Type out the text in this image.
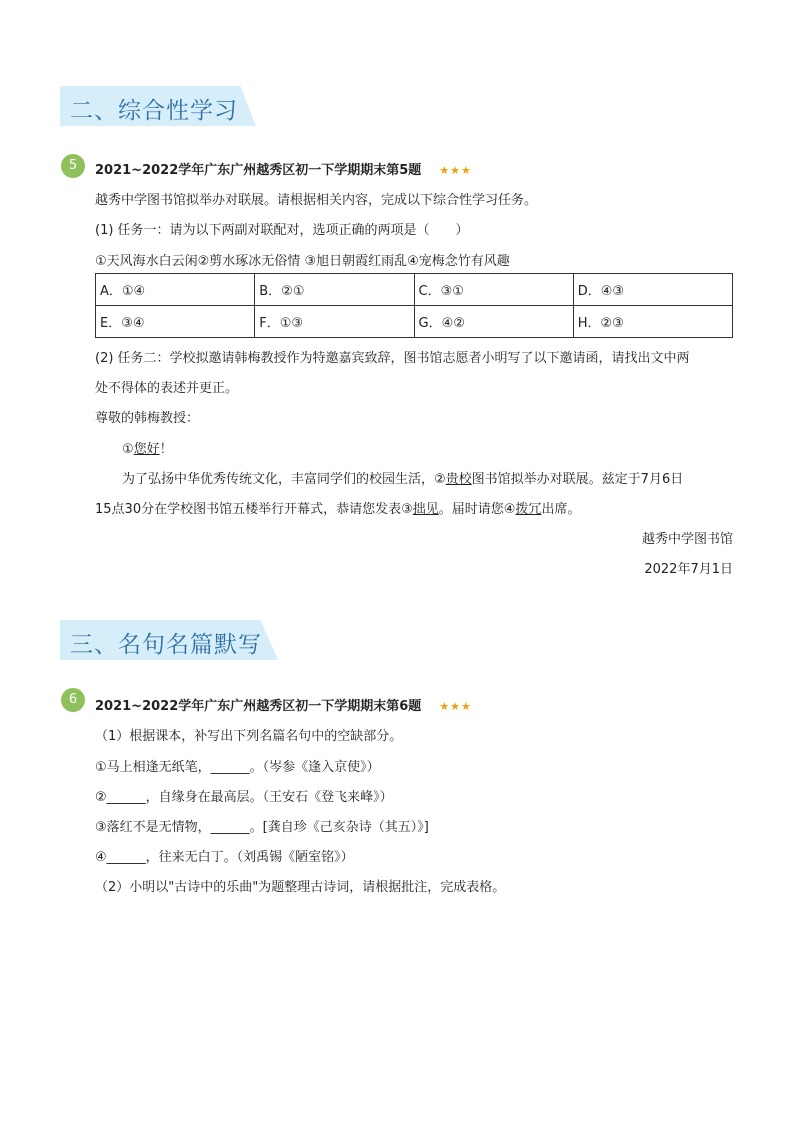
二、综合性学习
5	2021~2022学年广东广州越秀区初一下学期期末第5题 ★★★
越秀中学图书馆拟举办对联展。请根据相关内容，完成以下综合性学习任务。
(1) 任务一：请为以下两副对联配对，选项正确的两项是（　　）
①天风海水白云闲②剪水琢冰无俗情 ③旭日朝霞红雨乱④宠梅念竹有风趣
A．①④	B．②①	C．③①	D．④③
E．③④	F．①③	G．④②	H．②③
(2) 任务二：学校拟邀请韩梅教授作为特邀嘉宾致辞，图书馆志愿者小明写了以下邀请函，请找出文中两
处不得体的表述并更正。
尊敬的韩梅教授：
①您好！
为了弘扬中华优秀传统文化，丰富同学们的校园生活，②贵校图书馆拟举办对联展。兹定于7月6日
15点30分在学校图书馆五楼举行开幕式，恭请您发表③拙见。届时请您④拨冗出席。
越秀中学图书馆
2022年7月1日
三、名句名篇默写
6	2021~2022学年广东广州越秀区初一下学期期末第6题 ★★★
（1）根据课本，补写出下列名篇名句中的空缺部分。
①马上相逢无纸笔，______。（岑参《逢入京使》）
②______，自缘身在最高层。（王安石《登飞来峰》）
③落红不是无情物，______。[龚自珍《己亥杂诗（其五）》]
④______，往来无白丁。（刘禹锡《陋室铭》）
（2）小明以"古诗中的乐曲"为题整理古诗词，请根据批注，完成表格。
